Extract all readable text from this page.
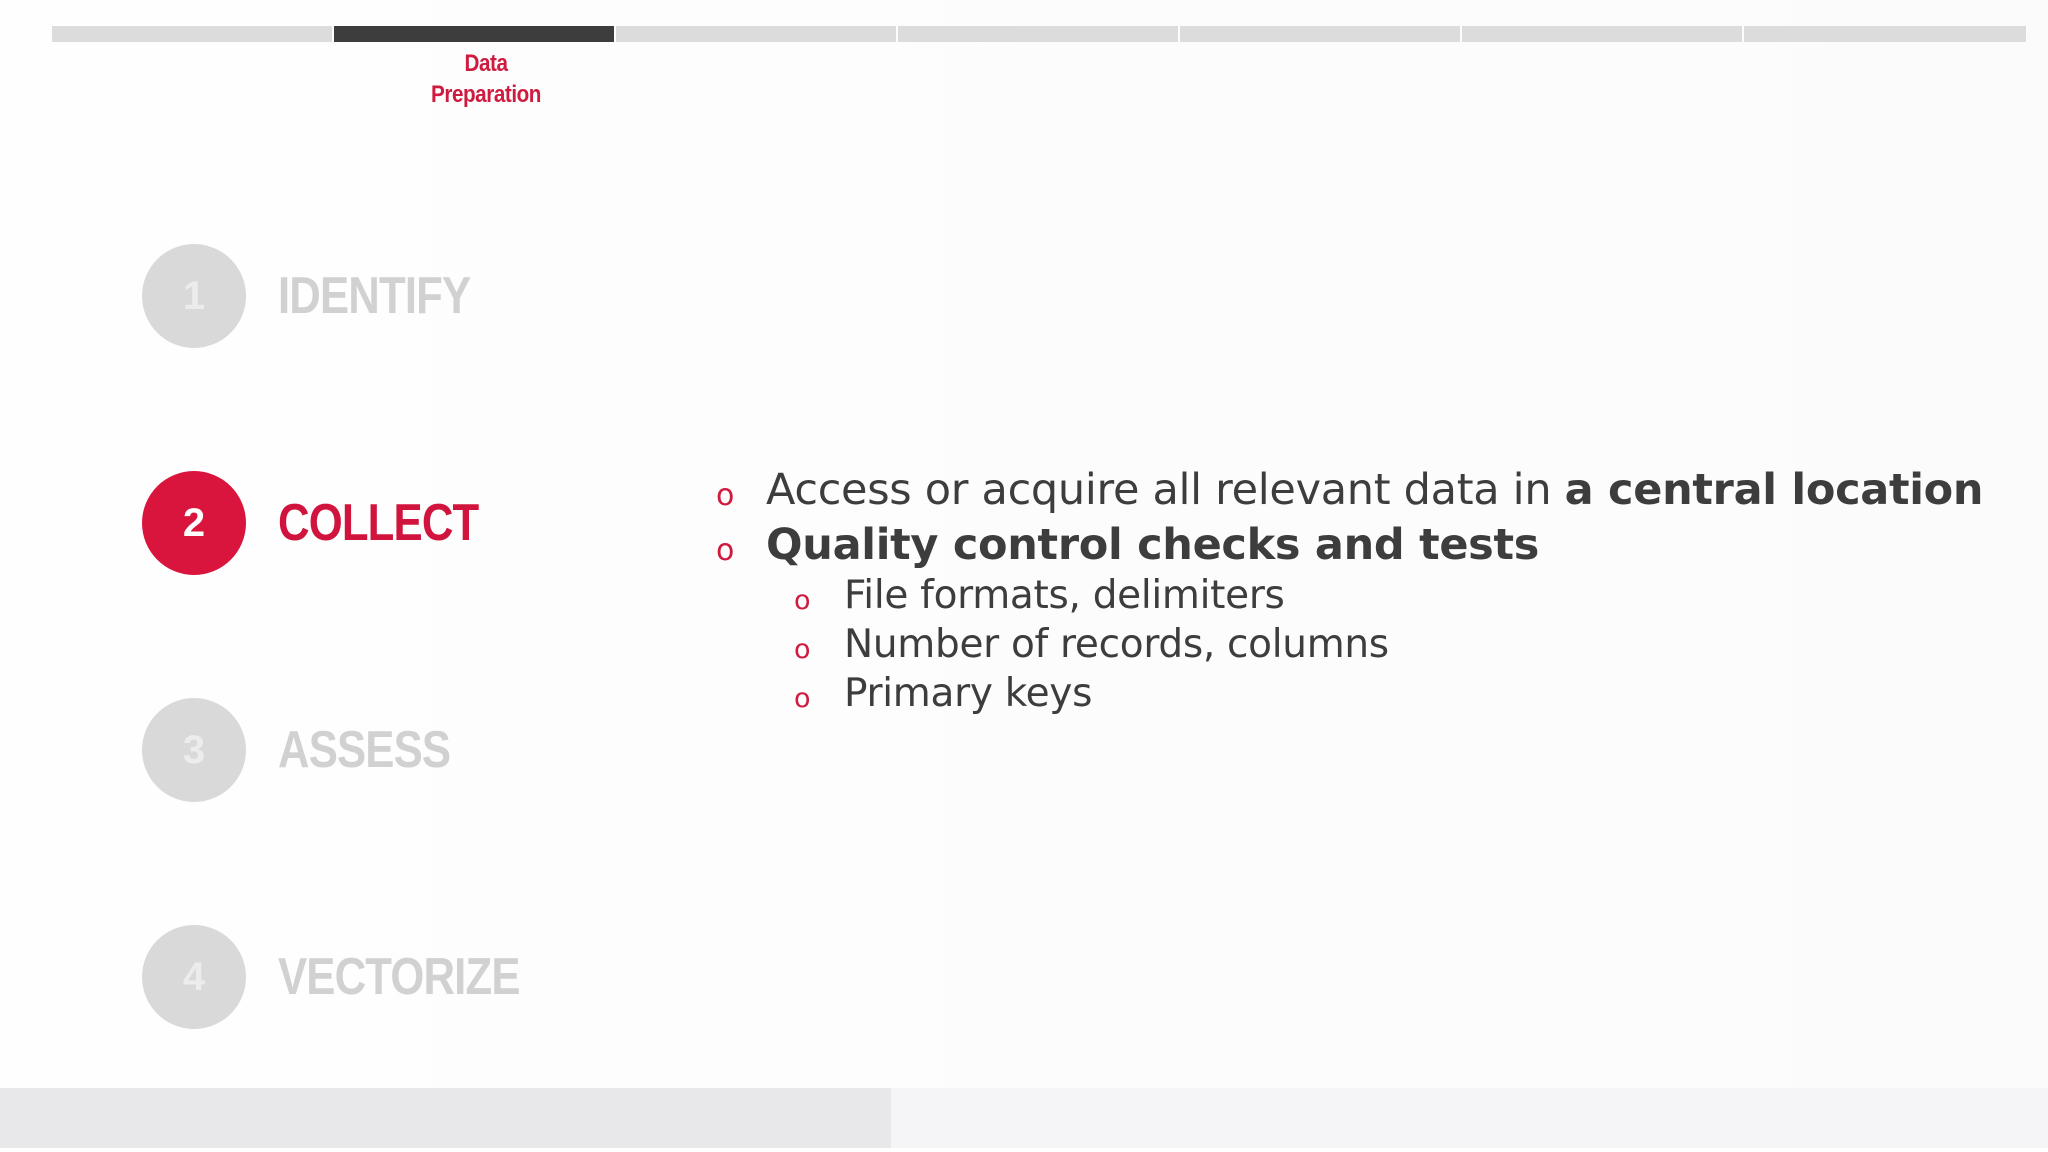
Data
Preparation
1	IDENTIFY
2	COLLECT
3	ASSESS
4	VECTORIZE
o Access or acquire all relevant data in a central location
o Quality control checks and tests
o File formats, delimiters
o Number of records, columns
o Primary keys
